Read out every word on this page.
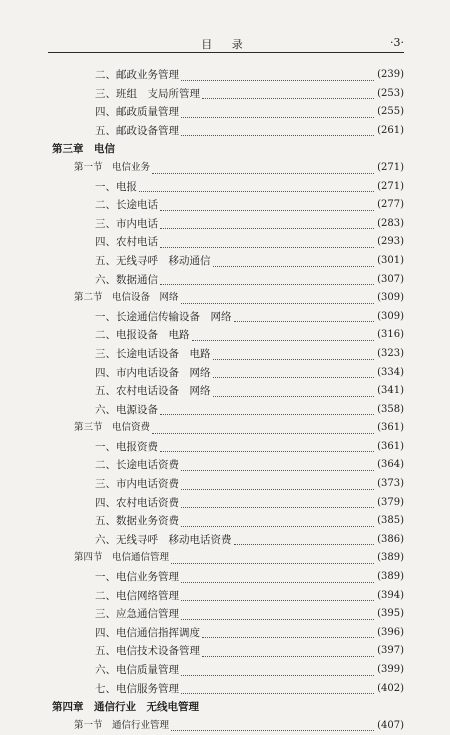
目 录	·3·
二、邮政业务管理	(239)
三、班组　支局所管理	(253)
四、邮政质量管理	(255)
五、邮政设备管理	(261)
第三章　电信
第一节　电信业务	(271)
一、电报	(271)
二、长途电话	(277)
三、市内电话	(283)
四、农村电话	(293)
五、无线寻呼　移动通信	(301)
六、数据通信	(307)
第二节　电信设备　网络	(309)
一、长途通信传输设备　网络	(309)
二、电报设备　电路	(316)
三、长途电话设备　电路	(323)
四、市内电话设备　网络	(334)
五、农村电话设备　网络	(341)
六、电源设备	(358)
第三节　电信资费	(361)
一、电报资费	(361)
二、长途电话资费	(364)
三、市内电话资费	(373)
四、农村电话资费	(379)
五、数据业务资费	(385)
六、无线寻呼　移动电话资费	(386)
第四节　电信通信管理	(389)
一、电信业务管理	(389)
二、电信网络管理	(394)
三、应急通信管理	(395)
四、电信通信指挥调度	(396)
五、电信技术设备管理	(397)
六、电信质量管理	(399)
七、电信服务管理	(402)
第四章　通信行业　无线电管理
第一节　通信行业管理	(407)
